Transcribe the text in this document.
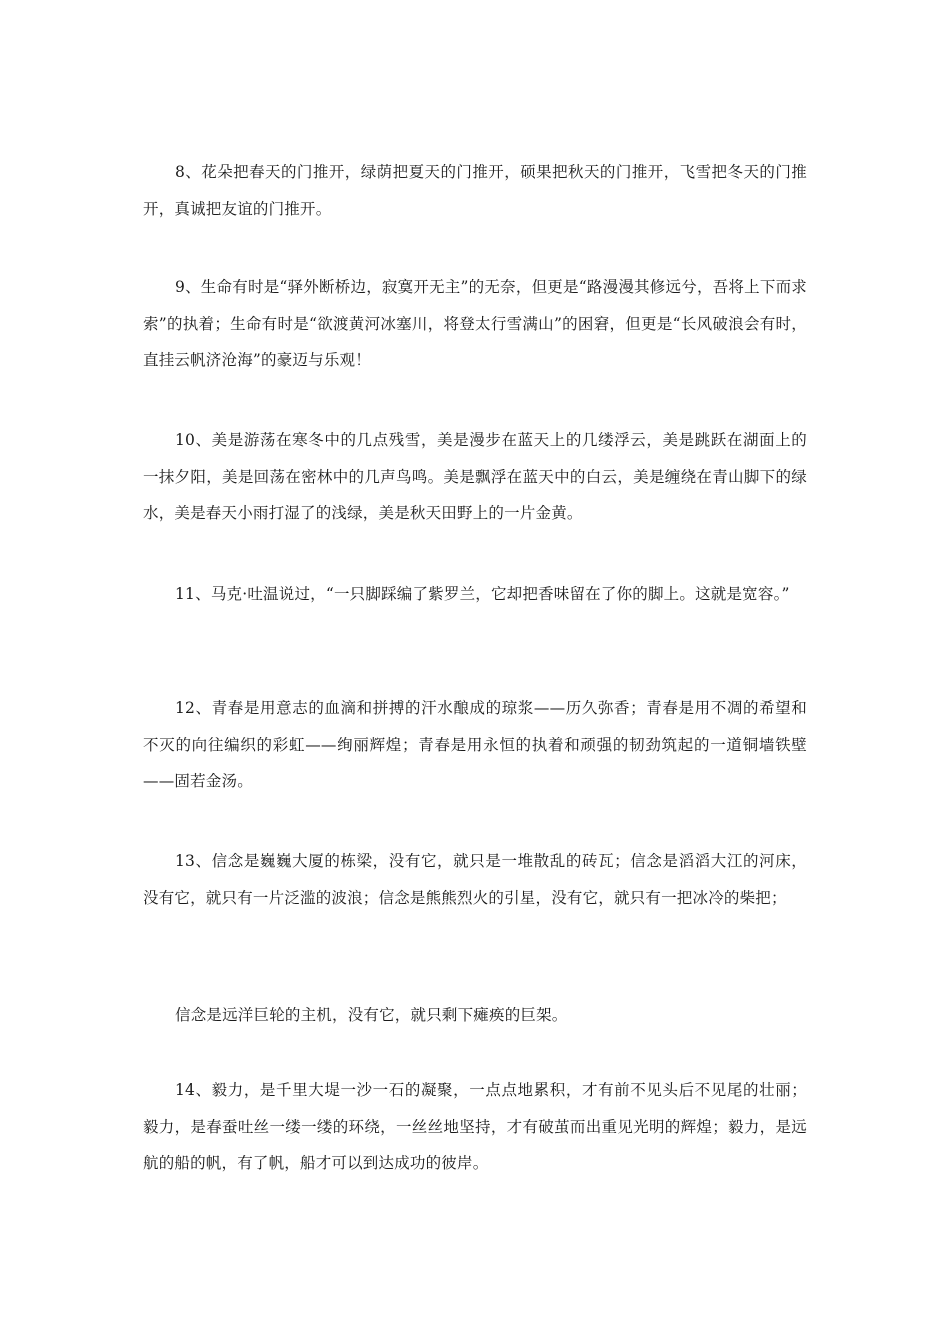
8、花朵把春天的门推开，绿荫把夏天的门推开，硕果把秋天的门推开，飞雪把冬天的门推开，真诚把友谊的门推开。

9、生命有时是“驿外断桥边，寂寞开无主”的无奈，但更是“路漫漫其修远兮，吾将上下而求索”的执着；生命有时是“欲渡黄河冰塞川，将登太行雪满山”的困窘，但更是“长风破浪会有时，直挂云帆济沧海”的豪迈与乐观！

10、美是游荡在寒冬中的几点残雪，美是漫步在蓝天上的几缕浮云，美是跳跃在湖面上的一抹夕阳，美是回荡在密林中的几声鸟鸣。美是飘浮在蓝天中的白云，美是缠绕在青山脚下的绿水，美是春天小雨打湿了的浅绿，美是秋天田野上的一片金黄。

11、马克·吐温说过，“一只脚踩编了紫罗兰，它却把香味留在了你的脚上。这就是宽容。”

12、青春是用意志的血滴和拼搏的汗水酿成的琼浆——历久弥香；青春是用不凋的希望和不灭的向往编织的彩虹——绚丽辉煌；青春是用永恒的执着和顽强的韧劲筑起的一道铜墙铁壁——固若金汤。

13、信念是巍巍大厦的栋梁，没有它，就只是一堆散乱的砖瓦；信念是滔滔大江的河床，没有它，就只有一片泛滥的波浪；信念是熊熊烈火的引星，没有它，就只有一把冰冷的柴把；

信念是远洋巨轮的主机，没有它，就只剩下瘫痪的巨架。

14、毅力，是千里大堤一沙一石的凝聚，一点点地累积，才有前不见头后不见尾的壮丽；毅力，是春蚕吐丝一缕一缕的环绕，一丝丝地坚持，才有破茧而出重见光明的辉煌；毅力，是远航的船的帆，有了帆，船才可以到达成功的彼岸。
